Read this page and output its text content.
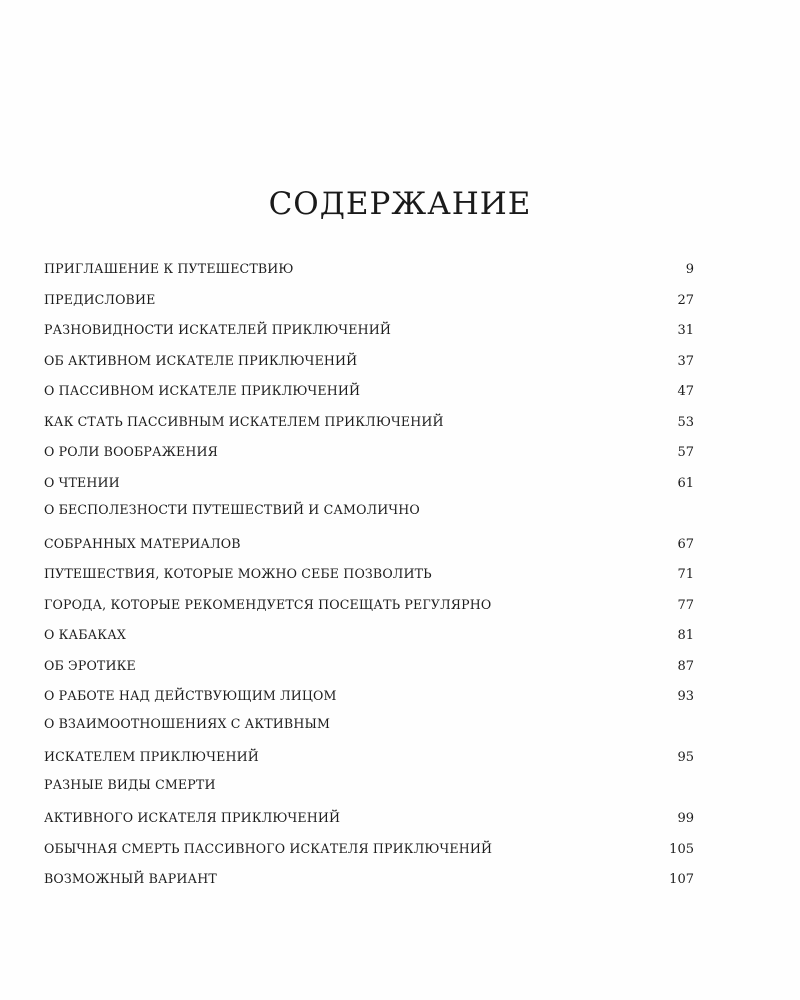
СОДЕРЖАНИЕ
ПРИГЛАШЕНИЕ К ПУТЕШЕСТВИЮ	9
ПРЕДИСЛОВИЕ	27
РАЗНОВИДНОСТИ ИСКАТЕЛЕЙ ПРИКЛЮЧЕНИЙ	31
ОБ АКТИВНОМ ИСКАТЕЛЕ ПРИКЛЮЧЕНИЙ	37
О ПАССИВНОМ ИСКАТЕЛЕ ПРИКЛЮЧЕНИЙ	47
КАК СТАТЬ ПАССИВНЫМ ИСКАТЕЛЕМ ПРИКЛЮЧЕНИЙ	53
О РОЛИ ВООБРАЖЕНИЯ	57
О ЧТЕНИИ	61
О БЕСПОЛЕЗНОСТИ ПУТЕШЕСТВИЙ И САМОЛИЧНО
СОБРАННЫХ МАТЕРИАЛОВ	67
ПУТЕШЕСТВИЯ, КОТОРЫЕ МОЖНО СЕБЕ ПОЗВОЛИТЬ	71
ГОРОДА, КОТОРЫЕ РЕКОМЕНДУЕТСЯ ПОСЕЩАТЬ РЕГУЛЯРНО	77
О КАБАКАХ	81
ОБ ЭРОТИКЕ	87
О РАБОТЕ НАД ДЕЙСТВУЮЩИМ ЛИЦОМ	93
О ВЗАИМООТНОШЕНИЯХ С АКТИВНЫМ
ИСКАТЕЛЕМ ПРИКЛЮЧЕНИЙ	95
РАЗНЫЕ ВИДЫ СМЕРТИ
АКТИВНОГО ИСКАТЕЛЯ ПРИКЛЮЧЕНИЙ	99
ОБЫЧНАЯ СМЕРТЬ ПАССИВНОГО ИСКАТЕЛЯ ПРИКЛЮЧЕНИЙ	105
ВОЗМОЖНЫЙ ВАРИАНТ	107
